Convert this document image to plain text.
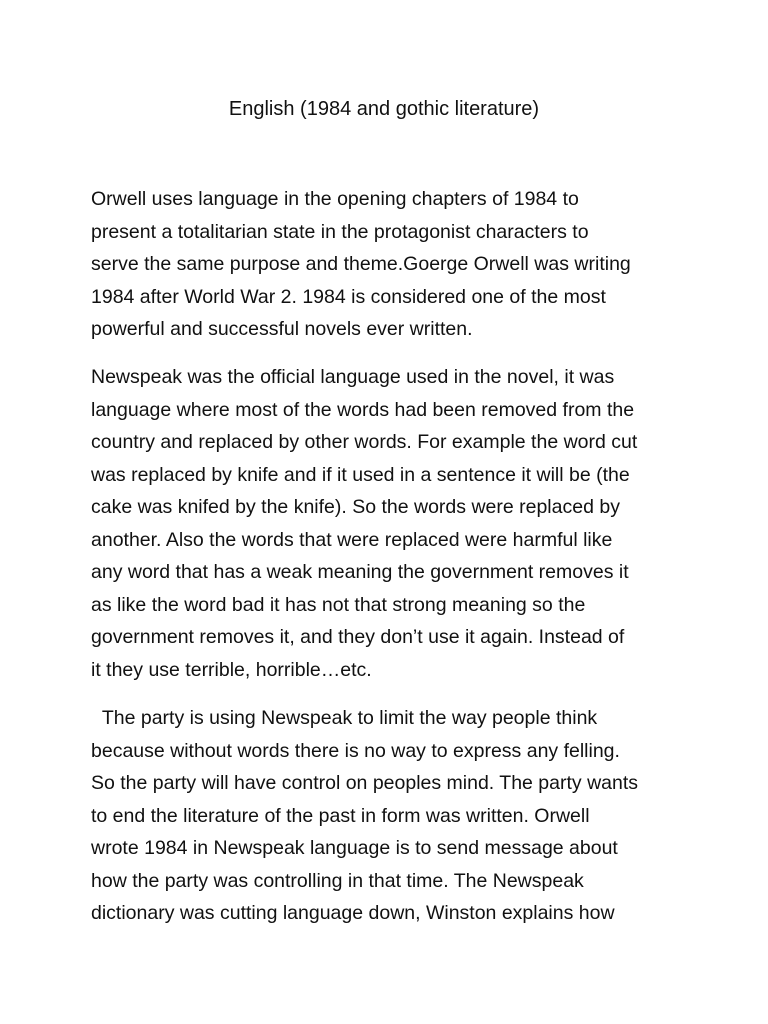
English (1984 and gothic literature)

Orwell uses language in the opening chapters of 1984 to
present a totalitarian state in the protagonist characters to
serve the same purpose and theme.Goerge Orwell was writing
1984 after World War 2. 1984 is considered one of the most
powerful and successful novels ever written.

Newspeak was the official language used in the novel, it was
language where most of the words had been removed from the
country and replaced by other words. For example the word cut
was replaced by knife and if it used in a sentence it will be (the
cake was knifed by the knife). So the words were replaced by
another. Also the words that were replaced were harmful like
any word that has a weak meaning the government removes it
as like the word bad it has not that strong meaning so the
government removes it, and they don’t use it again. Instead of
it they use terrible, horrible…etc.

The party is using Newspeak to limit the way people think
because without words there is no way to express any felling.
So the party will have control on peoples mind. The party wants
to end the literature of the past in form was written. Orwell
wrote 1984 in Newspeak language is to send message about
how the party was controlling in that time. The Newspeak
dictionary was cutting language down, Winston explains how
